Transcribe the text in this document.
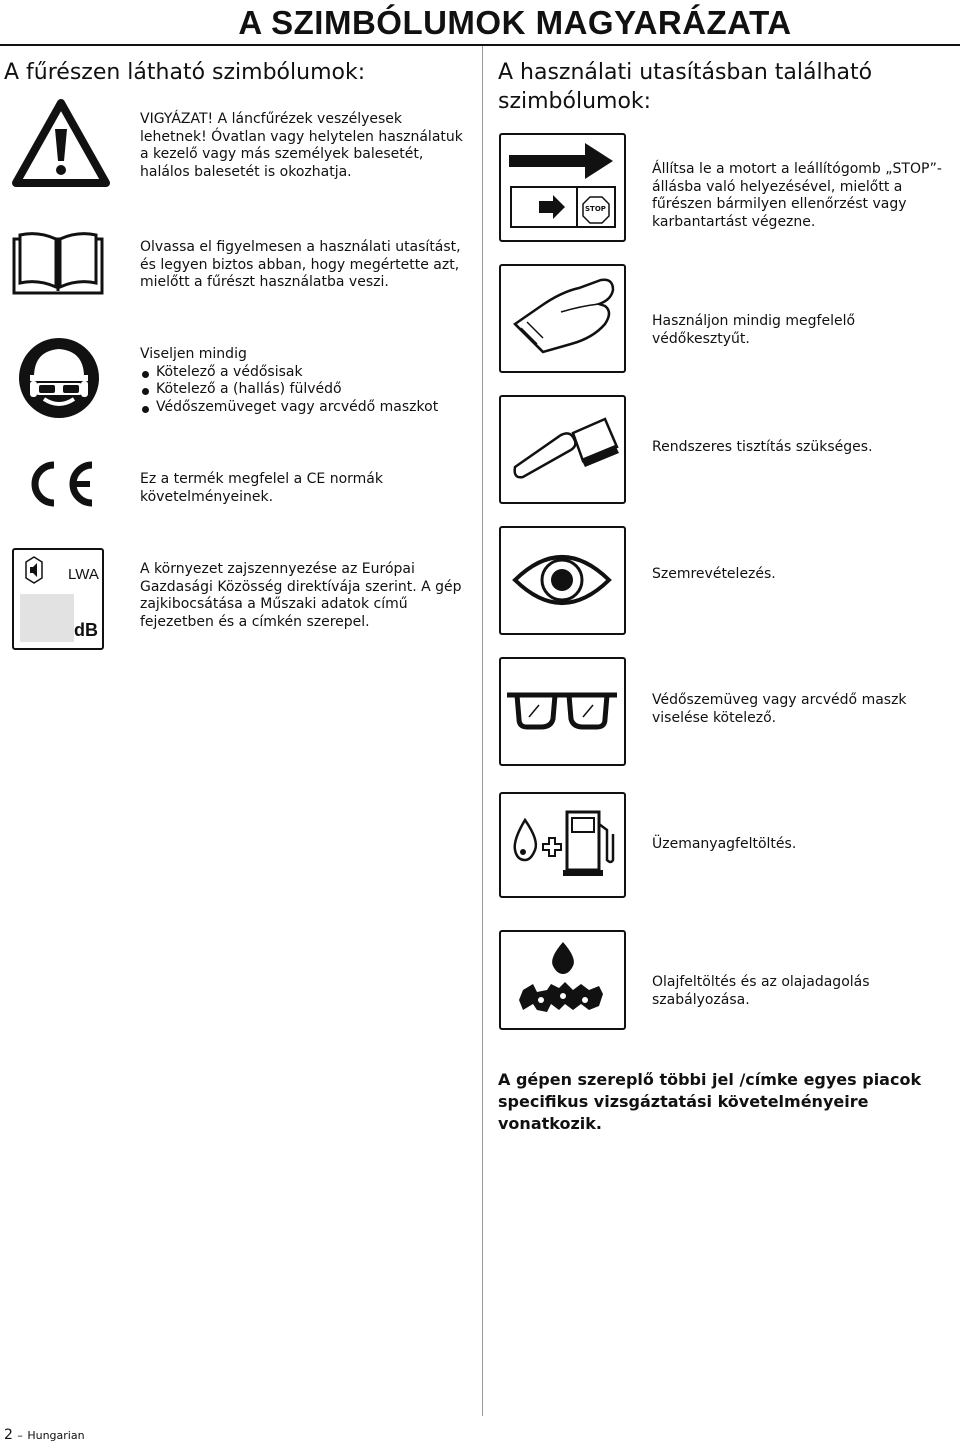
A SZIMBÓLUMOK MAGYARÁZATA
A fűrészen látható szimbólumok:
VIGYÁZAT! A láncfűrézek veszélyesek lehetnek! Óvatlan vagy helytelen használatuk a kezelő vagy más személyek balesetét, halálos balesetét is okozhatja.
Olvassa el figyelmesen a használati utasítást, és legyen biztos abban, hogy megértette azt, mielőtt a fűrészt használatba veszi.
Viseljen mindig
Kötelező a védősisak
Kötelező a (hallás) fülvédő
Védőszemüveget vagy arcvédő maszkot
Ez a termék megfelel a CE normák követelményeinek.
LWA
dB
A környezet zajszennyezése az Európai Gazdasági Közösség direktívája szerint. A gép zajkibocsátása a Műszaki adatok című fejezetben és a címkén szerepel.
A használati utasításban található szimbólumok:
STOP
Állítsa le a motort a leállítógomb „STOP”-állásba való helyezésével, mielőtt a fűrészen bármilyen ellenőrzést vagy karbantartást végezne.
Használjon mindig megfelelő védőkesztyűt.
Rendszeres tisztítás szükséges.
Szemrevételezés.
Védőszemüveg vagy arcvédő maszk viselése kötelező.
Üzemanyagfeltöltés.
Olajfeltöltés és az olajadagolás szabályozása.
A gépen szereplő többi jel /címke egyes piacok specifikus vizsgáztatási követelményeire vonatkozik.
2 – Hungarian
